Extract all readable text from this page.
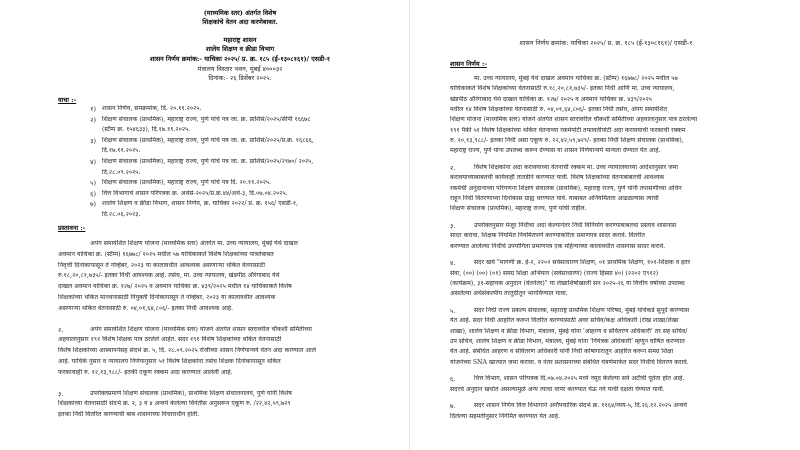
(माध्यमिक स्तर) अंतर्गत विशेष
शिक्षकांचे वेतन अदा करणेबाबत.
महाराष्ट्र शासन
शालेय शिक्षण व क्रीडा विभाग
शासन निर्णय क्रमांक:- याचिका २०२५/ प्र. क्र. १८५ (ई-१३०८१६१)/ एसडी-१
मंत्रालय विस्तार भवन, मुंबई ४०००३२
दिनांक:- २६ डिसेंबर २०२५.
वाचा :-
१) शासन निर्णय, समक्रमांक, दि. २०.११.२०२५.
२) शिक्षण संचालक (प्राथमिक), महाराष्ट्र राज्य, पुणे यांचे पत्र जा. क्र. प्राशिसं/२०२५/सीपी १६६७८
(स्टॅम्प क्र. १५४६३३), दि.१७.११.२०२५.
३) शिक्षण संचालक (प्राथमिक), महाराष्ट्र राज्य, पुणे यांचे पत्र जा. क्र. प्राशिसं/२०२५/प्र.क्र. १६८६६,
दि.१७.११.२०२५.
४) शिक्षण संचालक (प्राथमिक), महाराष्ट्र राज्य, पुणे यांचे पत्र जा. क्र. प्राशिसं/२०२५/२१७०/ २०२५,
दि.२८.०९.२०२५.
५) शिक्षण संचालक (प्राथमिक), महाराष्ट्र राज्य, पुणे यांचे पत्र दि. २०.११.२०२५.
६) वित्त विभागाचे शासन परिपत्रक क्र. अर्थसं-२०२५/प्र.क्र.४४/अर्थ-३, दि.०७.०४.२०२५.
७) शालेय शिक्षण व क्रीडा विभाग, शासन निर्णय, क्र. याचिका २०२२/ प्र. क्र. १५६/ एसडी-१,
दि.२८.०६.२०२३.
प्रस्तावना :-
अपंग समावेशित शिक्षण योजना (माध्यमिक स्तर) अंतर्गत मा. उच्च न्यायालय, मुंबई येथे दाखल
अवमान याचिका क्र. (स्टॅम्प) १६७७८/ २०२५ मधील ५७ याचिकाकर्ते विशेष शिक्षकांच्या पात्रतेबाबत
निवृत्ती दिनांकापासून ते नोव्हेंबर, २०२३ या कालावधीत आवश्यक असणाऱ्या थकित वेतनासाठी
रु.१८,२०,८१,७३५/- इतका निधी आवश्यक आहे. तसेच, मा. उच्च न्यायालय, खंडपीठ औरंगाबाद येथे
दाखल अवमान याचिका क्र. १२७/ २०२५ व अवमान याचिका क्र. ४३९/२०२५ मधील १४ याचिकाकर्ते विशेष
शिक्षकांच्या थकित मानधनासाठी नियुक्ती दिनांकापासून ते नोव्हेंबर, २०२३ या कालावधीत आवश्यक
असणाऱ्या थकित वेतनासाठी रु. ०४,०१,६४,८०६/- इतका निधी आवश्यक आहे.
२.	अपंग समावेशित शिक्षण योजना (माध्यमिक स्तर) योजने अंतर्गत शासन स्तरावरील चौकशी समितीच्या
अहवालानुसार १९१ विशेष शिक्षक पात्र ठरलेले आहेत. सदर १९१ विशेष शिक्षकांच्या थकित वेतनासाठी
विशेष शिक्षकांच्या आस्थापनेसह संदर्भ क्र. ५, दि. २८.०९.२०२५ रोजीच्या शासन निर्णयान्वये वेतन अदा करण्यात आले
आहे. याचिके नुसार व न्यायालय निर्णयानुसार ५१ विशेष शिक्षकांना तसेच शिक्षक दिनांकापासून थकित
फरकाचाही रु. १२,१३,९८८/- इतकी एकूण रक्कम अदा करण्यात आलेली आहे.
३.	उपरोक्तप्रमाणे शिक्षण संचालक (प्राथमिक), प्राथमिक शिक्षण संचालनालय, पुणे यांनी विशेष
शिक्षकांच्या वेतनासाठी संदर्भ क्र. २, ३ व ४ अन्वये केलेल्या विनंतीस अनुसरून एकूण रु. /२२,४२,५९,७२९
इतका निधी वितरित करण्याची बाब शासनाच्या विचाराधीन होती.
शासन निर्णय क्रमांक: याचिका २०२५/ प्र. क्र. १८५ (ई-१३०८१६१)/ एसडी-१
शासन निर्णय :-
मा. उच्च न्यायालय, मुंबई येथे दाखल अवमान याचिका क्र. (स्टॅम्प) १६७७८/ २०२५ मधील ५७
याचिकाकर्ते विशेष शिक्षकांच्या वेतनासाठी रु.१८,२०,८१,७३५/- इतका निधी आणि मा. उच्च न्यायालय,
खंडपीठ औरंगाबाद येथे दाखल याचिका क्र. १२७/ २०२५ व अवमान याचिका क्र. ४३९/२०२५
मधील १४ विशेष शिक्षकांच्या वेतनासाठी रु. ०४,०१,६४,८०६/- इतका निधी तसेच, अंपग समावेशित
शिक्षण योजना (माध्यमिक स्तर) योजने अंतर्गत शासन स्तरावरील चौकशी समितीच्या अहवालानुसार पात्र ठरलेल्या
१९१ पैकी ५१ विशेष शिक्षकांच्या थकित वेतनाच्या रकमेपोटी तफावतीपोटी अदा करावयाची फरकाची रक्कम
रु. २०,१३,९८८/- इतका निधी असा एकूण रु. २२,४२,५९,७२९/- इतका निधी शिक्षण संचालक (प्राथमिक),
महाराष्ट्र राज्य, पुणे यांना उपलब्ध करून देण्यास या शासन निर्णयान्वये मान्यता देण्यात येत आहे.
२.	विशेष शिक्षकांना अदा करावयाच्या वेतनाची रक्कम मा. उच्च न्यायालयाच्या आदेशानुसार जमा
करावयाच्याबाबतची कार्यवाही तातडीने करण्यात यावी. विशेष शिक्षकांच्या वेतनाबाबतची आवश्यक
रकमेची अनुदानाच्या परिगणना शिक्षण संचालक (प्राथमिक), महाराष्ट्र राज्य, पुणे यांनी तपासणीच्या अधिन
राहून निधी वितरणाच्या दिनांकास ग्राह्य धरण्यात यावे. याबाबत अनियमितता आढळल्यास त्याची
शिक्षण संचालक (प्राथमिक), महाराष्ट्र राज्य, पुणे यांची राहील.
३.	उपरोक्तनुसार मंजूर निधीचा अदा केल्यानंतर निधी विनियोग करण्याबाबतचा प्रस्ताव शासनास
सादर करावा. शिक्षक नियमित नियमितपणे करण्याकरिता प्रमाणपत्र सादर करावे. वितरीत
करण्यात आलेल्या निधीचे उपयोगिता प्रमाणपत्र एक महिन्याच्या कालावधीत शासनास सादर करावे.
४.	सदर खर्च "मागणी क्र. ई-२, २२०२ सर्वसाधारण शिक्षण, ०१ प्राथमिक शिक्षण, १०१-शिक्षक व इतर
सेवा, (००) (००) (०१) समग्र शिक्षा अभियान (सर्वसाधारण) (राज्य हिस्सा ४०) (२२०२ ए९१२)
(कार्यक्रम), ३१-सहायक अनुदान (वेतनेतर)" या लेखाशिर्षाखाली सन २०२५-२६ या वित्तीय वर्षाच्या उपलब्ध
असलेल्या अर्थसंकल्पीय तरतुदीतून भागविण्यात यावा.
५.	सदर निधी राज्य प्रकल्प संचालक, महाराष्ट्र प्राथमिक शिक्षण परिषद, मुंबई यांचेकडे सुपूर्द करण्यास
येत आहे. सदर निधी आहरित करून वितरित करण्यासाठी अवर सचिव/कक्ष अधिकारी (रोख शाखा/लेखा
शाखा), शालेय शिक्षण व क्रीडा विभाग, मंत्रालय, मुंबई यांना 'आहरण व संवितरण अधिकारी' तर सह सचिव/
उप सचिव, शालेय शिक्षण व क्रीडा विभाग, मंत्रालय, मुंबई यांना 'नियंत्रक अधिकारी' म्हणून घोषित करण्यात
येत आहे. संबंधित आहरण व संवितरण अधिकारी यांनी निधी कोषागारातून आहरित करून समग्र शिक्षा
योजनेच्या SNA खात्यात जमा करावा. व नंतर प्रशासनाच्या संबंधित यंत्रणेमार्फत सदर निधीचे वितरण करावे.
६.	वित्त विभाग, शासन परिपत्रक दि.०७.०४.२०२५ मध्ये नमूद केलेल्या सर्व अटींची पूर्तता होत आहे.
सदरचे अनुदान खर्चात असल्यामुळे अन्य त्याचा वापर करण्यात येऊ नये याची दक्षता घेण्यात यावी.
७.	सदर शासन निर्णय वित्त विभागाने अनौपचारिक संदर्भ क्र. ११६४/व्यय-५, दि.२६.१२.२०२५ अन्वये
दिलेल्या सहमतीनुसार निर्गमित करण्यात येत आहे.
